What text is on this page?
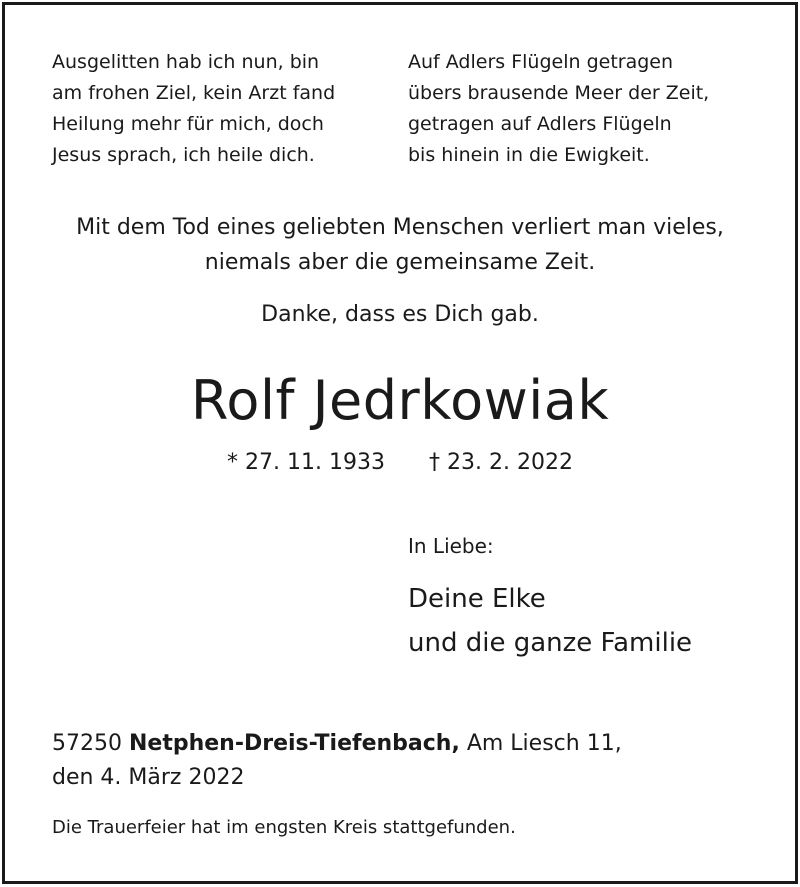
Ausgelitten hab ich nun, bin
am frohen Ziel, kein Arzt fand
Heilung mehr für mich, doch
Jesus sprach, ich heile dich.
Auf Adlers Flügeln getragen
übers brausende Meer der Zeit,
getragen auf Adlers Flügeln
bis hinein in die Ewigkeit.
Mit dem Tod eines geliebten Menschen verliert man vieles,
niemals aber die gemeinsame Zeit.
Danke, dass es Dich gab.
Rolf Jedrkowiak
* 27. 11. 1933 † 23. 2. 2022
In Liebe:
Deine Elke
und die ganze Familie
57250 Netphen-Dreis-Tiefenbach, Am Liesch 11,
den 4. März 2022
Die Trauerfeier hat im engsten Kreis stattgefunden.
